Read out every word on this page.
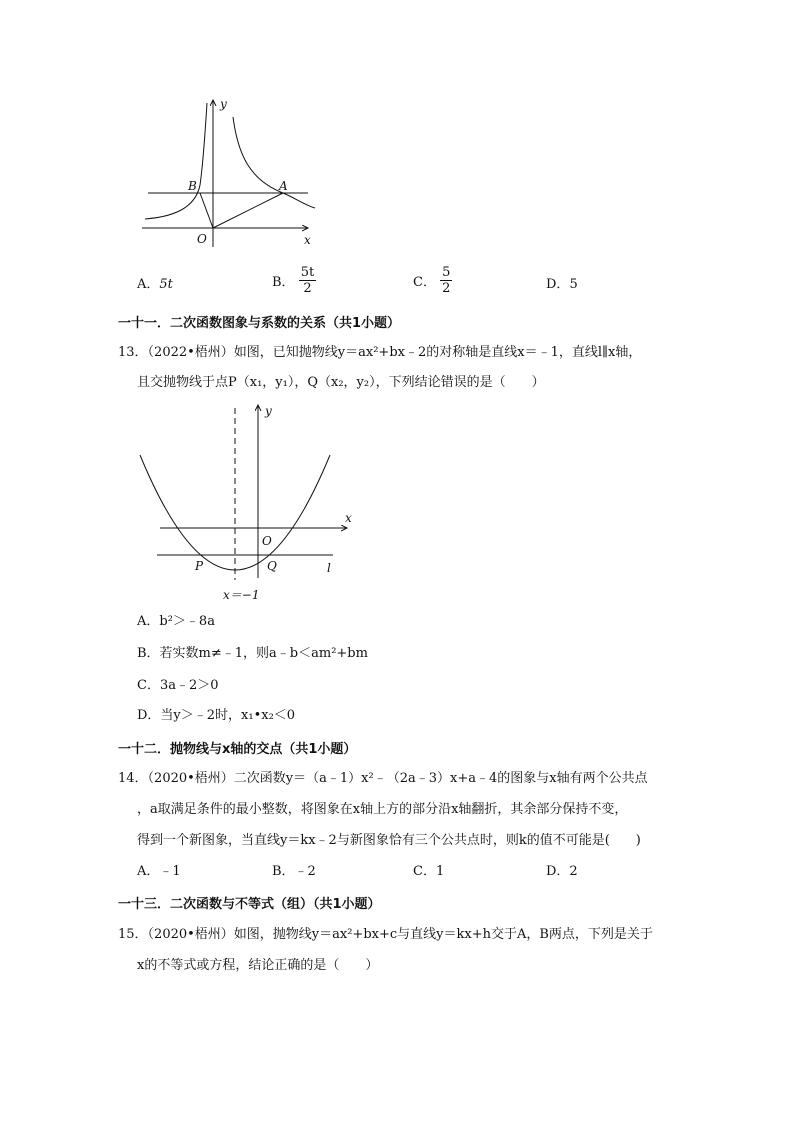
y
x
O
A
B
A．5t	B． $\frac{5t}{2}$	C． $\frac{5}{2}$	D．5
一十一．二次函数图象与系数的关系（共1小题）
13．（2022•梧州）如图，已知抛物线y＝ax²+bx﹣2的对称轴是直线x＝﹣1，直线l∥x轴，
且交抛物线于点P（x₁，y₁），Q（x₂，y₂），下列结论错误的是（　　）
y
x
O
P	Q	l
x＝−1
A．b²＞﹣8a
B．若实数m≠﹣1，则a﹣b＜am²+bm
C．3a﹣2＞0
D．当y＞﹣2时，x₁•x₂＜0
一十二．抛物线与x轴的交点（共1小题）
14．（2020•梧州）二次函数y＝（a﹣1）x²﹣（2a﹣3）x+a﹣4的图象与x轴有两个公共点
，a取满足条件的最小整数，将图象在x轴上方的部分沿x轴翻折，其余部分保持不变，
得到一个新图象，当直线y＝kx﹣2与新图象恰有三个公共点时，则k的值不可能是(　　)
A．﹣1	B．﹣2	C．1	D．2
一十三．二次函数与不等式（组）（共1小题）
15．（2020•梧州）如图，抛物线y＝ax²+bx+c与直线y＝kx+h交于A，B两点，下列是关于
x的不等式或方程，结论正确的是（　　）
